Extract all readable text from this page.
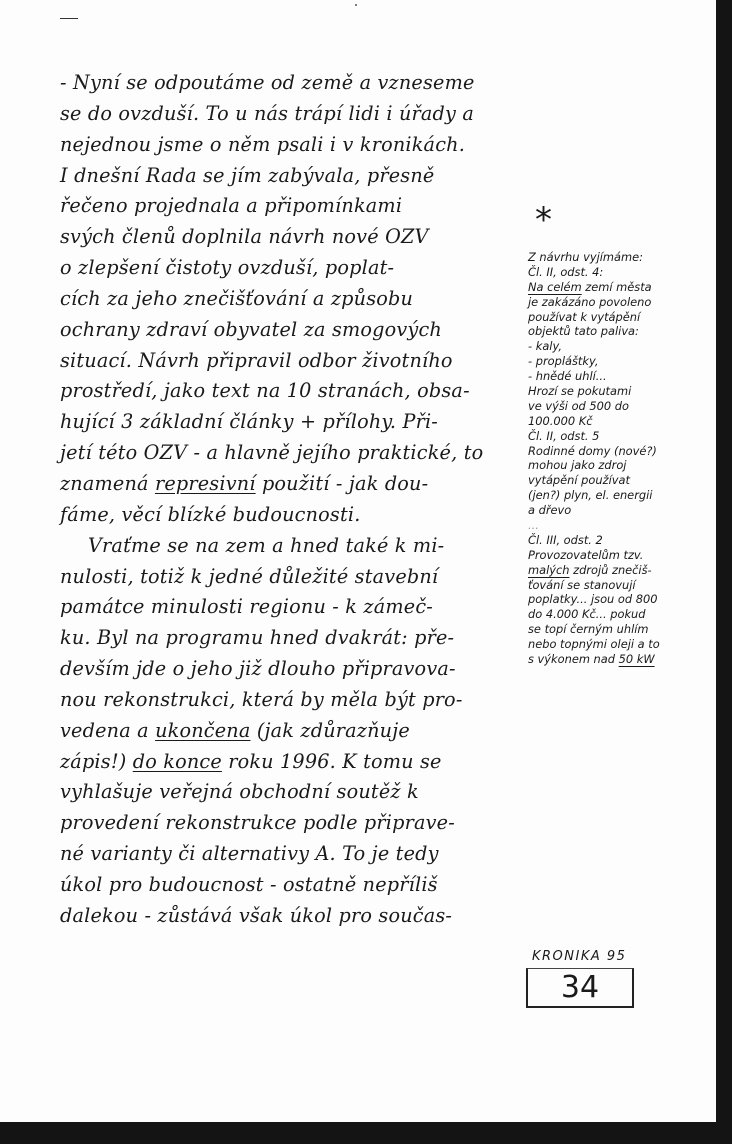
- Nyní se odpoutáme od země a vzneseme
se do ovzduší. To u nás trápí lidi i úřady a
nejednou jsme o něm psali i v kronikách.
I dnešní Rada se jím zabývala, přesně
řečeno projednala a připomínkami
svých členů doplnila návrh nové OZV
o zlepšení čistoty ovzduší, poplat-
cích za jeho znečišťování a způsobu
ochrany zdraví obyvatel za smogových
situací. Návrh připravil odbor životního
prostředí, jako text na 10 stranách, obsa-
hující 3 základní články + přílohy. Při-
jetí této OZV - a hlavně jejího praktické, to
znamená represivní použití - jak dou-
fáme, věcí blízké budoucnosti.
Vraťme se na zem a hned také k mi-
nulosti, totiž k jedné důležité stavební
památce minulosti regionu - k zámeč-
ku. Byl na programu hned dvakrát: pře-
devším jde o jeho již dlouho připravova-
nou rekonstrukci, která by měla být pro-
vedena a ukončena (jak zdůrazňuje
zápis!) do konce roku 1996. K tomu se
vyhlašuje veřejná obchodní soutěž k
provedení rekonstrukce podle připrave-
né varianty či alternativy A. To je tedy
úkol pro budoucnost - ostatně nepříliš
dalekou - zůstává však úkol pro součas-
*
Z návrhu vyjímáme:
Čl. II, odst. 4:
Na celém zemí města
je zakázáno povoleno
používat k vytápění
objektů tato paliva:
- kaly,
- propláštky,
- hnědé uhlí...
Hrozí se pokutami
ve výši od 500 do
100.000 Kč
Čl. II, odst. 5
Rodinné domy (nové?)
mohou jako zdroj
vytápění používat
(jen?) plyn, el. energii
a dřevo
...
Čl. III, odst. 2
Provozovatelům tzv.
malých zdrojů znečiš-
ťování se stanovují
poplatky... jsou od 800
do 4.000 Kč... pokud
se topí černým uhlím
nebo topnými oleji a to
s výkonem nad 50 kW
KRONIKA 95
34
